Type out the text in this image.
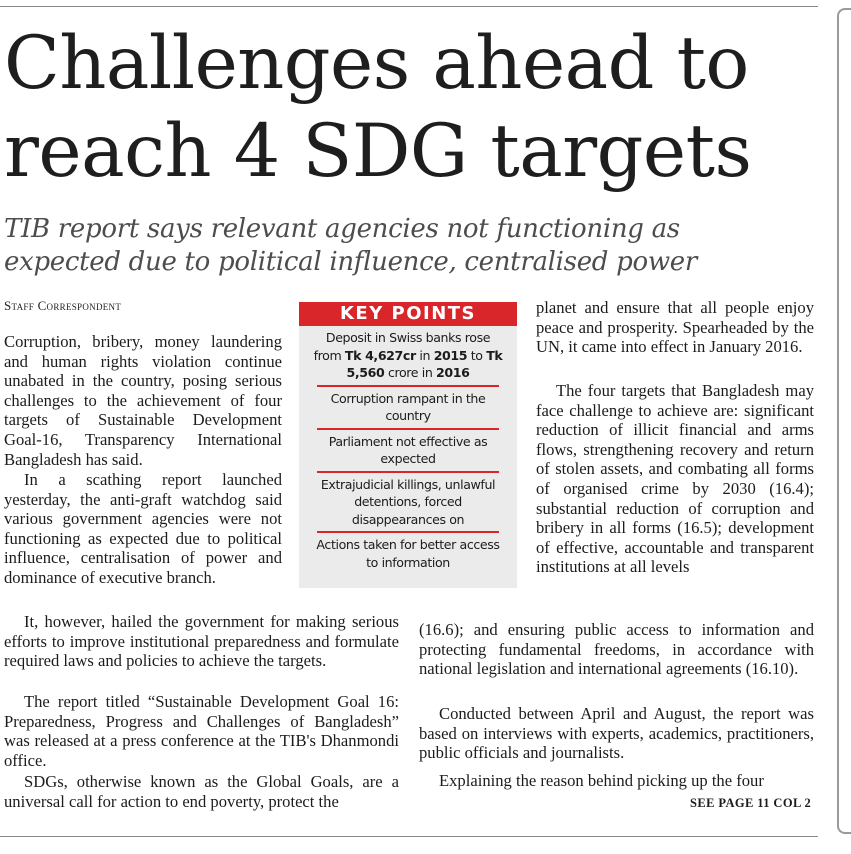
Challenges ahead to
reach 4 SDG targets

TIB report says relevant agencies not functioning as expected due to political influence, centralised power

Staff Correspondent

Corruption, bribery, money laundering and human rights violation continue unabated in the country, posing serious challenges to the achievement of four targets of Sustainable Development Goal-16, Transparency International Bangladesh has said.

In a scathing report launched yesterday, the anti-graft watchdog said various government agencies were not functioning as expected due to political influence, centralisation of power and dominance of executive branch.

KEY POINTS
Deposit in Swiss banks rose from Tk 4,627cr in 2015 to Tk 5,560 crore in 2016
Corruption rampant in the country
Parliament not effective as expected
Extrajudicial killings, unlawful detentions, forced disappearances on
Actions taken for better access to information

It, however, hailed the government for making serious efforts to improve institutional preparedness and formulate required laws and policies to achieve the targets.

The report titled “Sustainable Development Goal 16: Preparedness, Progress and Challenges of Bangladesh” was released at a press conference at the TIB's Dhanmondi office.

SDGs, otherwise known as the Global Goals, are a universal call for action to end poverty, protect the

planet and ensure that all people enjoy peace and prosperity. Spearheaded by the UN, it came into effect in January 2016.

The four targets that Bangladesh may face challenge to achieve are: significant reduction of illicit financial and arms flows, strengthening recovery and return of stolen assets, and combating all forms of organised crime by 2030 (16.4); substantial reduction of corruption and bribery in all forms (16.5); development of effective, accountable and transparent institutions at all levels

(16.6); and ensuring public access to information and protecting fundamental freedoms, in accordance with national legislation and international agreements (16.10).

Conducted between April and August, the report was based on interviews with experts, academics, practitioners, public officials and journalists.

Explaining the reason behind picking up the four

SEE PAGE 11 COL 2
